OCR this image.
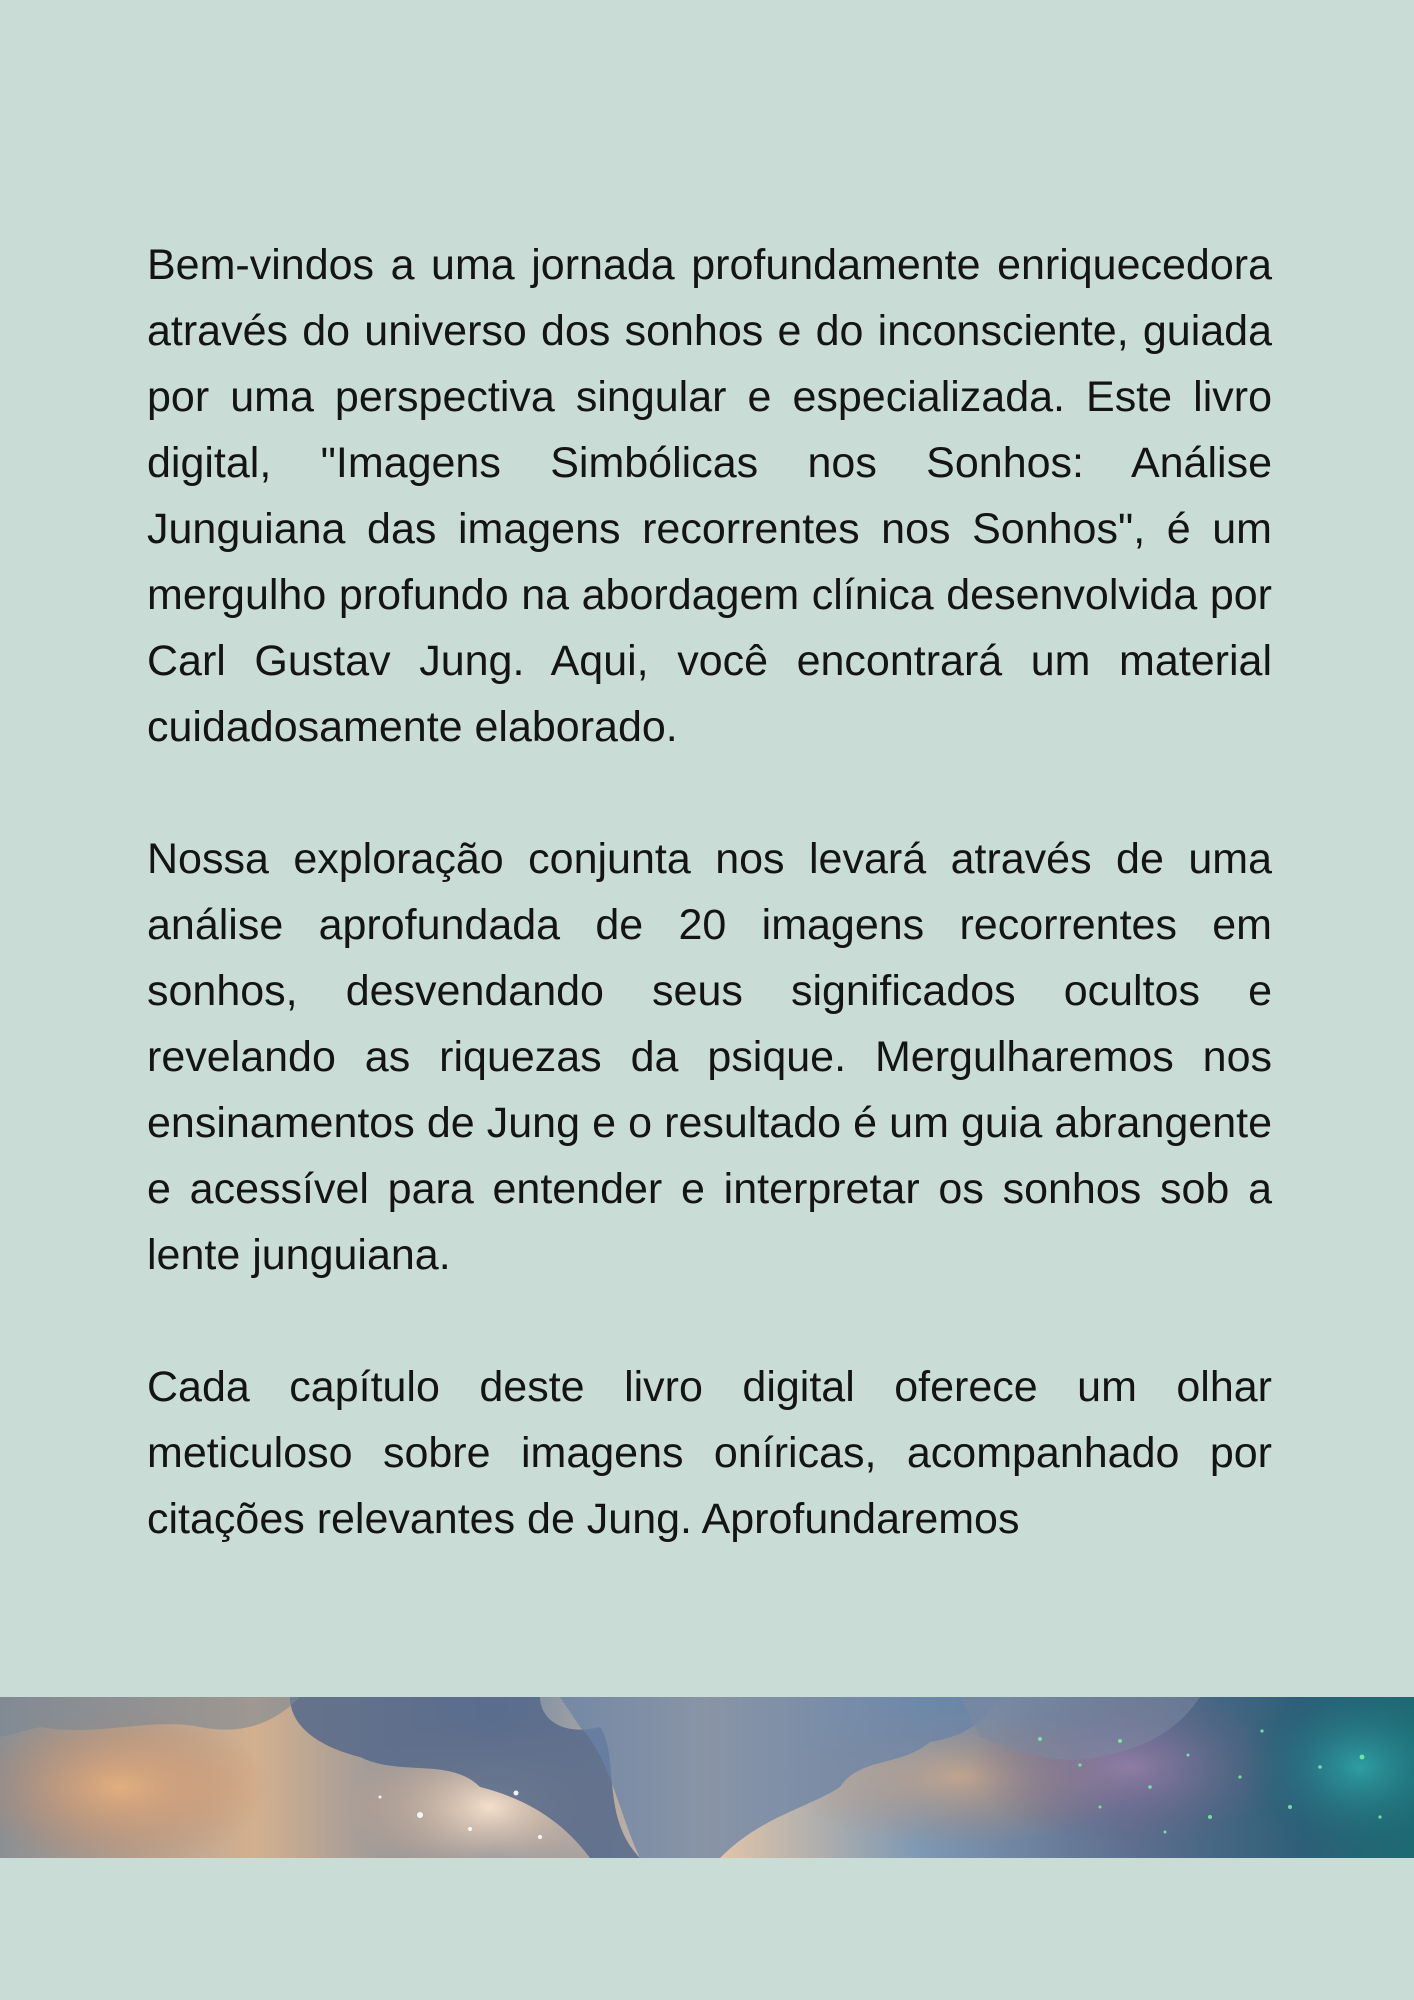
Bem-vindos a uma jornada profundamente enriquecedora através do universo dos sonhos e do inconsciente, guiada por uma perspectiva singular e especializada. Este livro digital, "Imagens Simbólicas nos Sonhos: Análise Junguiana das imagens recorrentes nos Sonhos", é um mergulho profundo na abordagem clínica desenvolvida por Carl Gustav Jung. Aqui, você encontrará um material cuidadosamente elaborado.

Nossa exploração conjunta nos levará através de uma análise aprofundada de 20 imagens recorrentes em sonhos, desvendando seus significados ocultos e revelando as riquezas da psique. Mergulharemos nos ensinamentos de Jung e o resultado é um guia abrangente e acessível para entender e interpretar os sonhos sob a lente junguiana.

Cada capítulo deste livro digital oferece um olhar meticuloso sobre imagens oníricas, acompanhado por citações relevantes de Jung. Aprofundaremos
